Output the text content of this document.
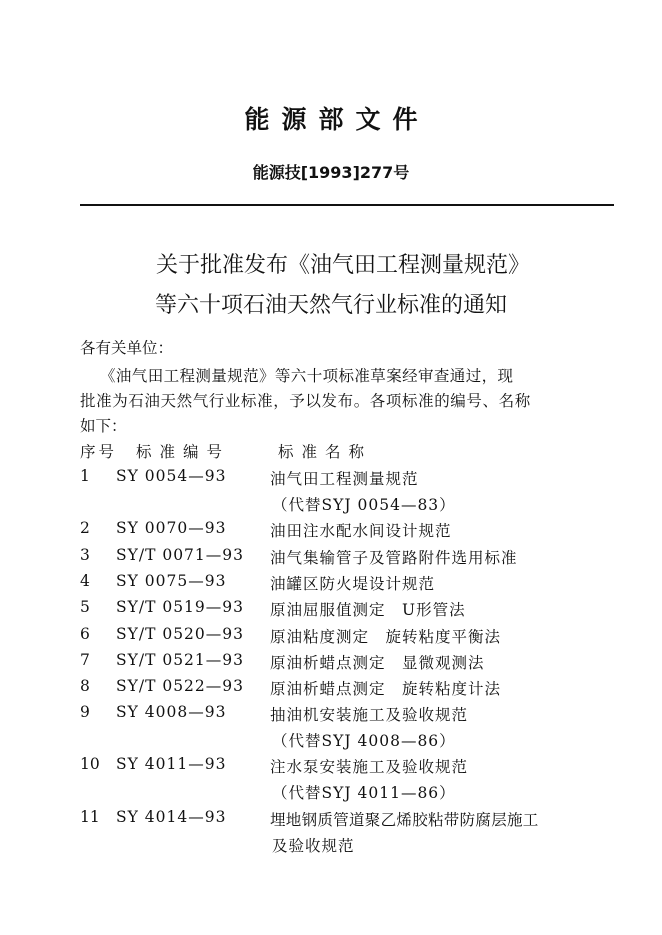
能源部文件
能源技[1993]277号
关于批准发布《油气田工程测量规范》
等六十项石油天然气行业标准的通知
各有关单位：
《油气田工程测量规范》等六十项标准草案经审查通过，现
批准为石油天然气行业标准，予以发布。各项标准的编号、名称
如下：
序号 标准编号	标准名称
1	SY 0054—93	油气田工程测量规范
（代替SYJ 0054—83）
2	SY 0070—93	油田注水配水间设计规范
3	SY/T 0071—93 油气集输管子及管路附件选用标准
4	SY 0075—93	油罐区防火堤设计规范
5	SY/T 0519—93 原油屈服值测定　U形管法
6	SY/T 0520—93 原油粘度测定　旋转粘度平衡法
7	SY/T 0521—93 原油析蜡点测定　显微观测法
8	SY/T 0522—93 原油析蜡点测定　旋转粘度计法
9	SY 4008—93	抽油机安装施工及验收规范
（代替SYJ 4008—86）
10	SY 4011—93	注水泵安装施工及验收规范
（代替SYJ 4011—86）
11	SY 4014—93	埋地钢质管道聚乙烯胶粘带防腐层施工
及验收规范
